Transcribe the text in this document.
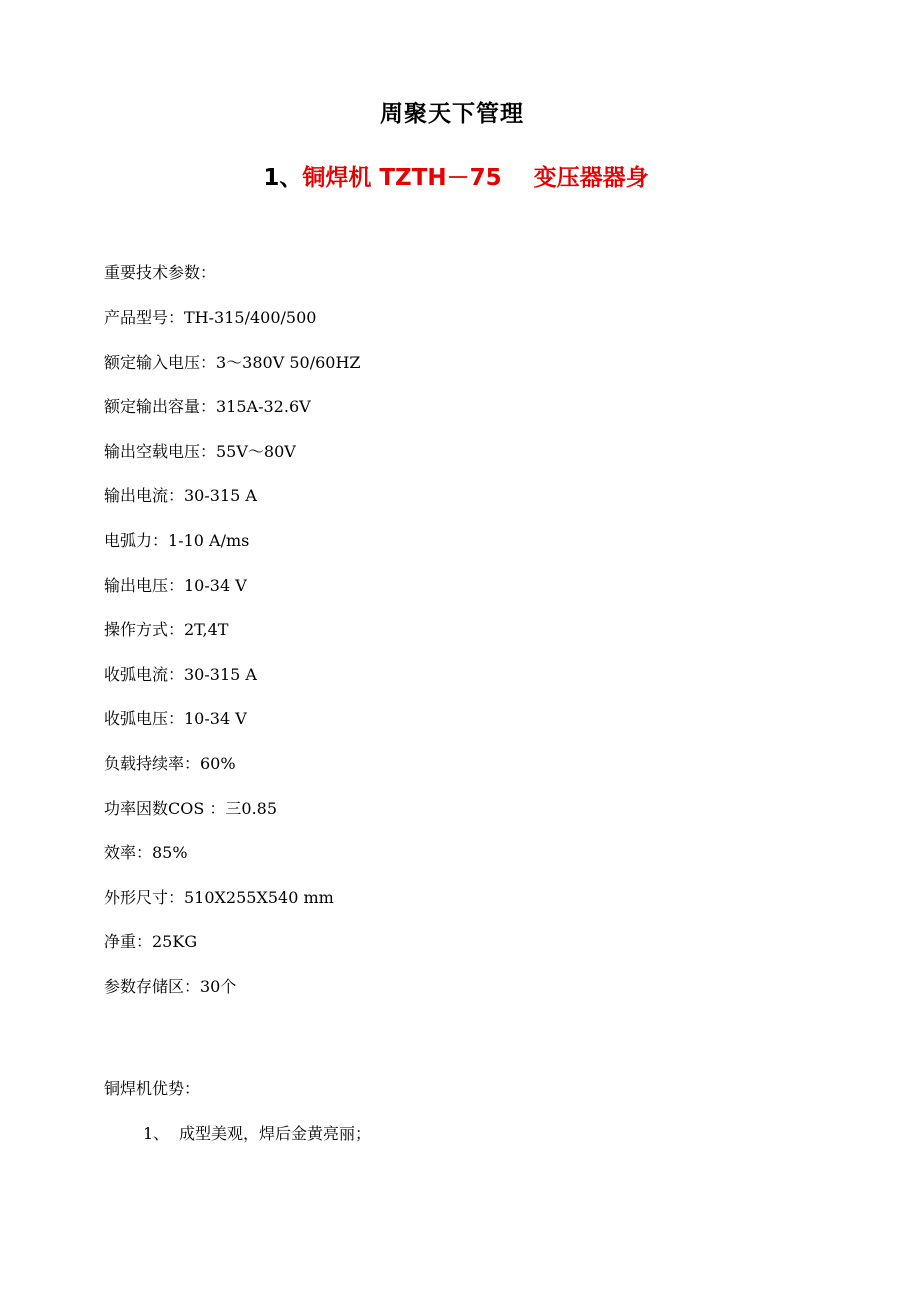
周聚天下管理
1、铜焊机 TZTH－75    变压器器身
重要技术参数：
产品型号：TH-315/400/500
额定输入电压：3～380V 50/60HZ
额定输出容量：315A-32.6V
输出空载电压：55V～80V
输出电流：30-315 A
电弧力：1-10 A/ms
输出电压：10-34 V
操作方式：2T,4T
收弧电流：30-315 A
收弧电压：10-34 V
负载持续率：60%
功率因数COS ：三0.85
效率：85%
外形尺寸：510X255X540 mm
净重：25KG
参数存储区：30个
铜焊机优势：
1、 成型美观，焊后金黄亮丽；
